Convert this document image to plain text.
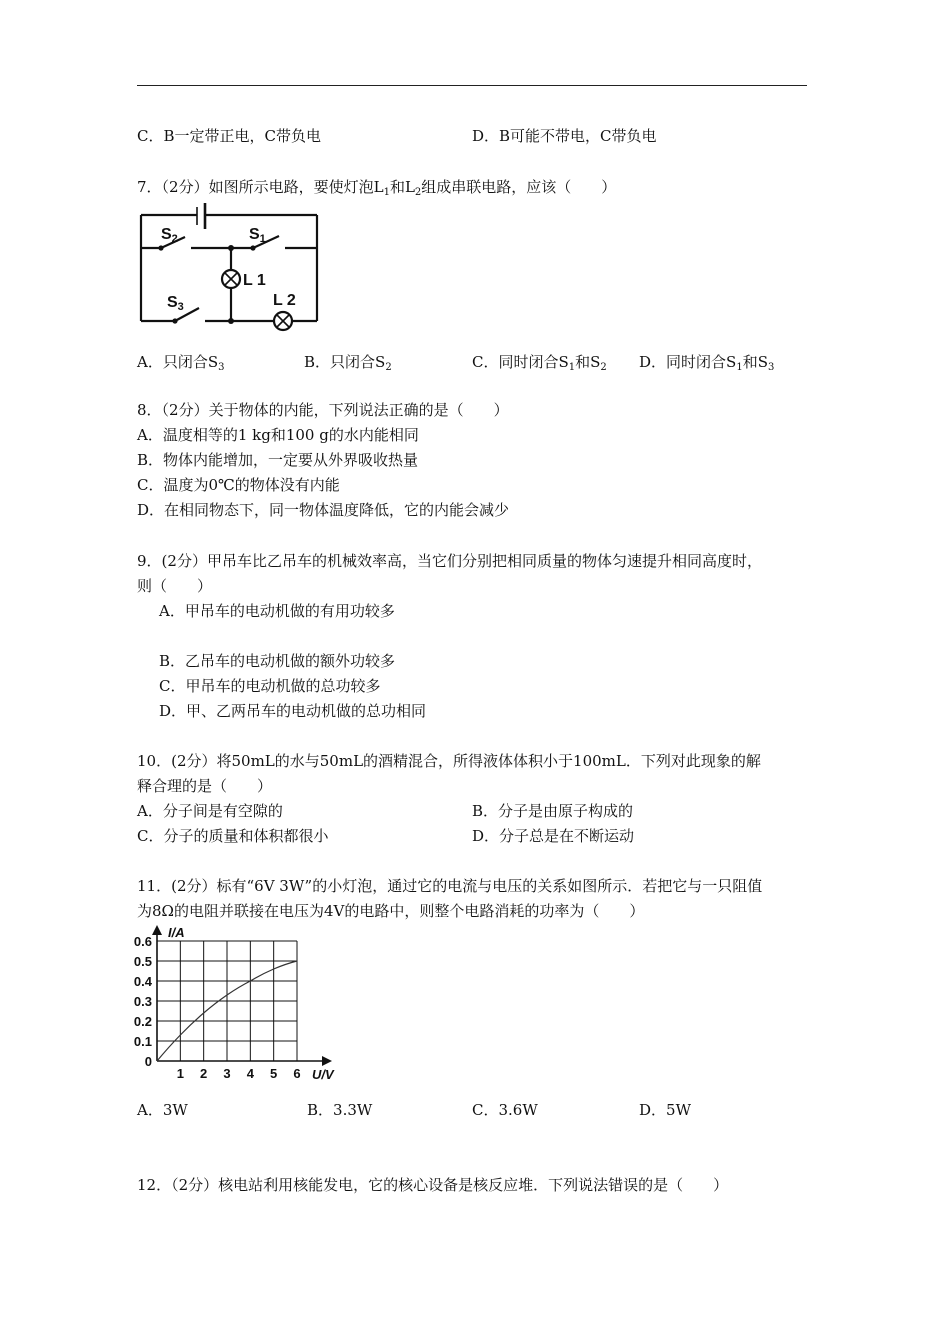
C．B一定带正电，C带负电	D．B可能不带电，C带负电
7．（2分）如图所示电路，要使灯泡$L_1$和$L_2$组成串联电路，应该（　　）
S2	S1
L 1
S3	L 2
A．只闭合$S_3$	B．只闭合$S_2$	C．同时闭合$S_1$和$S_2$ D．同时闭合$S_1$和$S_3$
8．（2分）关于物体的内能，下列说法正确的是（　　）
A．温度相等的1 kg和100 g的水内能相同
B．物体内能增加，一定要从外界吸收热量
C．温度为0℃的物体没有内能
D．在相同物态下，同一物体温度降低，它的内能会减少
9．(2分）甲吊车比乙吊车的机械效率高，当它们分别把相同质量的物体匀速提升相同高度时，
则（　　）
A．甲吊车的电动机做的有用功较多
B．乙吊车的电动机做的额外功较多
C．甲吊车的电动机做的总功较多
D．甲、乙两吊车的电动机做的总功相同
10．(2分）将50mL的水与50mL的酒精混合，所得液体体积小于100mL．下列对此现象的解
释合理的是（　　）
A．分子间是有空隙的	B．分子是由原子构成的
C．分子的质量和体积都很小	D．分子总是在不断运动
11．(2分）标有“6V 3W”的小灯泡，通过它的电流与电压的关系如图所示．若把它与一只阻值
为8Ω的电阻并联接在电压为4V的电路中，则整个电路消耗的功率为（　　）
1 2 3 4 5 6
0
0.1
0.2
0.3
0.4
0.5
0.6
I/A
U/V
A．3W	B．3.3W	C．3.6W	D．5W
12．（2分）核电站利用核能发电，它的核心设备是核反应堆．下列说法错误的是（　　）
